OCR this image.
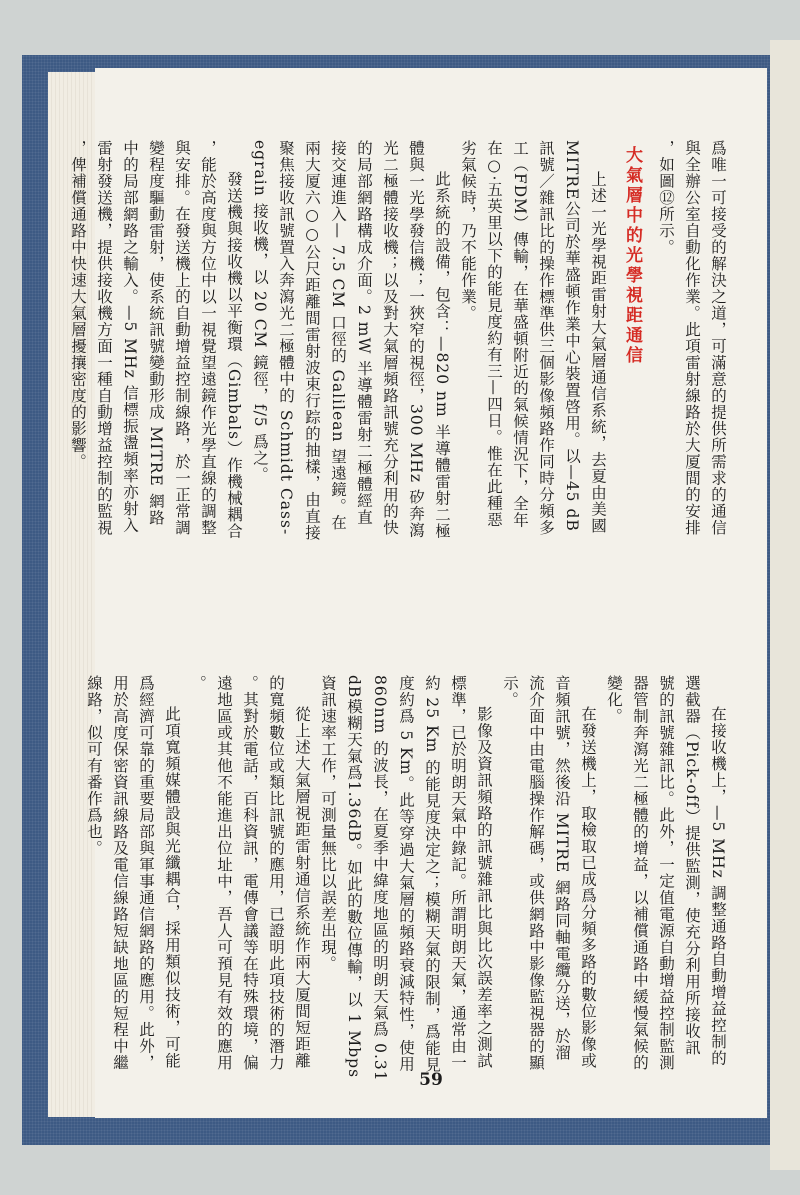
爲唯一可接受的解決之道，可滿意的提供所需求的通信
與全辦公室自動化作業。此項雷射線路於大厦間的安排
，如圖⑫所示。

大氣層中的光學視距通信

上述一光學視距雷射大氣層通信系統，去夏由美國
MITRE公司於華盛頓作業中心裝置啓用。以—45 dB
訊號／雜訊比的操作標準供三個影像頻路作同時分頻多
工（FDM）傳輸，在華盛頓附近的氣候情況下，全年
在○·五英里以下的能見度約有三—四日。惟在此種惡
劣氣候時，乃不能作業。

此系統的設備，包含：—820 nm 半導體雷射二極
體與一光學發信機；一狹窄的視徑，300 MHz 矽奔瀉
光二極體接收機；以及對大氣層頻路訊號充分利用的快
的局部網路構成介面。2 mW 半導體雷射二極體經直
接交連進入— 7.5 CM 口徑的 Galilean 望遠鏡。在
兩大厦六○○公尺距離間雷射波束行踪的抽樣，由直接
聚焦接收訊號置入奔瀉光二極體中的 Schmidt Cass-
egrain 接收機，以 20 CM 鏡徑，f/5 爲之。

發送機與接收機以平衡環（Gimbals）作機械耦合
，能於高度與方位中以一視覺望遠鏡作光學直線的調整
與安排。在發送機上的自動增益控制線路，於一正常調
變程度驅動雷射，使系統訊號變動形成 MITRE 網路
中的局部網路之輸入。—5 MHz 信標振盪頻率亦射入
雷射發送機，提供接收機方面一種自動增益控制的監視
，俾補償通路中快速大氣層擾攘密度的影響。

在接收機上，—5 MHz 調整通路自動增益控制的
選截器（Pick-off）提供監測，使充分利用所接收訊
號的訊號雜訊比。此外，一定值電源自動增益控制監測
器管制奔瀉光二極體的增益，以補償通路中緩慢氣候的
變化。

在發送機上，取檢取已成爲分頻多路的數位影像或
音頻訊號，然後沿 MITRE 網路同軸電纜分送，於溜
流介面中由電腦操作解碼，或供網路中影像監視器的顯
示。

影像及資訊頻路的訊號雜訊比與比次誤差率之測試
標準，已於明朗天氣中錄記。所謂明朗天氣，通常由一
約 25 Km 的能見度決定之；模糊天氣的限制，爲能見
度約爲 5 Km。此等穿過大氣層的頻路衰減特性，使用
860nm 的波長，在夏季中緯度地區的明朗天氣爲 0.31
dB模糊天氣爲1.36dB。如此的數位傳輸，以 1 Mbps
資訊速率工作，可測量無比以誤差出現。

從上述大氣層視距雷射通信系統作兩大厦間短距離
的寬頻數位或類比訊號的應用，已證明此項技術的潛力
。其對於電話，百科資訊，電傳會議等在特殊環境，偏
遠地區或其他不能進出位址中，吾人可預見有效的應用
。

此項寬頻媒體設與光纖耦合，採用類似技術，可能
爲經濟可靠的重要局部與軍事通信網路的應用。此外，
用於高度保密資訊線路及電信線路短缺地區的短程中繼
線路，似可有番作爲也。

59
